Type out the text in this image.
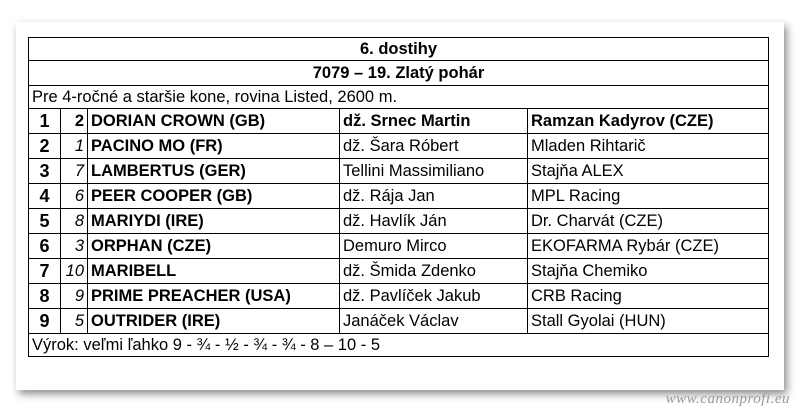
6. dostihy				
7079 – 19. Zlatý pohár				
Pre 4-ročné a staršie kone, rovina Listed, 2600 m.				
1	2	DORIAN CROWN (GB)	dž. Srnec Martin	Ramzan Kadyrov (CZE)
2	1	PACINO MO (FR)	dž. Šara Róbert	Mladen Rihtarič
3	7	LAMBERTUS (GER)	Tellini Massimiliano	Stajňa ALEX
4	6	PEER COOPER (GB)	dž. Rája Jan	MPL Racing
5	8	MARIYDI (IRE)	dž. Havlík Ján	Dr. Charvát (CZE)
6	3	ORPHAN (CZE)	Demuro Mirco	EKOFARMA Rybár (CZE)
7	10	MARIBELL	dž. Šmida Zdenko	Stajňa Chemiko
8	9	PRIME PREACHER (USA)	dž. Pavlíček Jakub	CRB Racing
9	5	OUTRIDER (IRE)	Janáček Václav	Stall Gyolai (HUN)
Výrok: veľmi ľahko 9 - ¾ - ½ - ¾ - ¾ - 8 – 10 - 5				
www.canonprofi.eu
